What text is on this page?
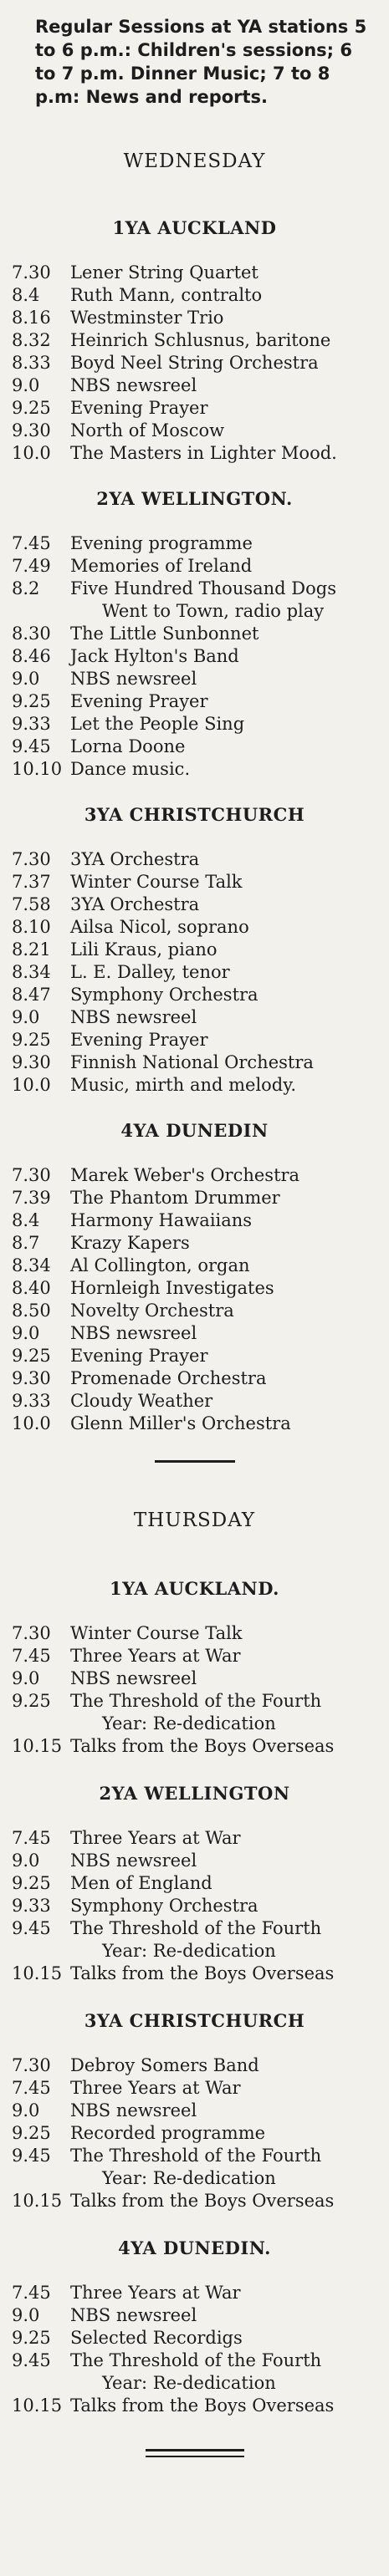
Regular Sessions at YA stations 5 to 6 p.m.: Children's sessions; 6 to 7 p.m. Dinner Music; 7 to 8 p.m: News and reports.

WEDNESDAY
1YA AUCKLAND
7.30	Lener String Quartet
8.4	Ruth Mann, contralto
8.16	Westminster Trio
8.32	Heinrich Schlusnus, baritone
8.33	Boyd Neel String Orchestra
9.0	NBS newsreel
9.25	Evening Prayer
9.30	North of Moscow
10.0	The Masters in Lighter Mood.
2YA WELLINGTON.
7.45	Evening programme
7.49	Memories of Ireland
8.2	Five Hundred Thousand Dogs
Went to Town, radio play
8.30	The Little Sunbonnet
8.46	Jack Hylton's Band
9.0	NBS newsreel
9.25	Evening Prayer
9.33	Let the People Sing
9.45	Lorna Doone
10.10 Dance music.
3YA CHRISTCHURCH
7.30	3YA Orchestra
7.37	Winter Course Talk
7.58	3YA Orchestra
8.10	Ailsa Nicol, soprano
8.21	Lili Kraus, piano
8.34	L. E. Dalley, tenor
8.47	Symphony Orchestra
9.0	NBS newsreel
9.25	Evening Prayer
9.30	Finnish National Orchestra
10.0	Music, mirth and melody.
4YA DUNEDIN
7.30	Marek Weber's Orchestra
7.39	The Phantom Drummer
8.4	Harmony Hawaiians
8.7	Krazy Kapers
8.34	Al Collington, organ
8.40	Hornleigh Investigates
8.50	Novelty Orchestra
9.0	NBS newsreel
9.25	Evening Prayer
9.30	Promenade Orchestra
9.33	Cloudy Weather
10.0	Glenn Miller's Orchestra
THURSDAY
1YA AUCKLAND.
7.30	Winter Course Talk
7.45	Three Years at War
9.0	NBS newsreel
9.25	The Threshold of the Fourth
Year: Re-dedication
10.15 Talks from the Boys Overseas
2YA WELLINGTON
7.45	Three Years at War
9.0	NBS newsreel
9.25	Men of England
9.33	Symphony Orchestra
9.45	The Threshold of the Fourth
Year: Re-dedication
10.15 Talks from the Boys Overseas
3YA CHRISTCHURCH
7.30	Debroy Somers Band
7.45	Three Years at War
9.0	NBS newsreel
9.25	Recorded programme
9.45	The Threshold of the Fourth
Year: Re-dedication
10.15 Talks from the Boys Overseas
4YA DUNEDIN.
7.45	Three Years at War
9.0	NBS newsreel
9.25	Selected Recordigs
9.45	The Threshold of the Fourth
Year: Re-dedication
10.15 Talks from the Boys Overseas
